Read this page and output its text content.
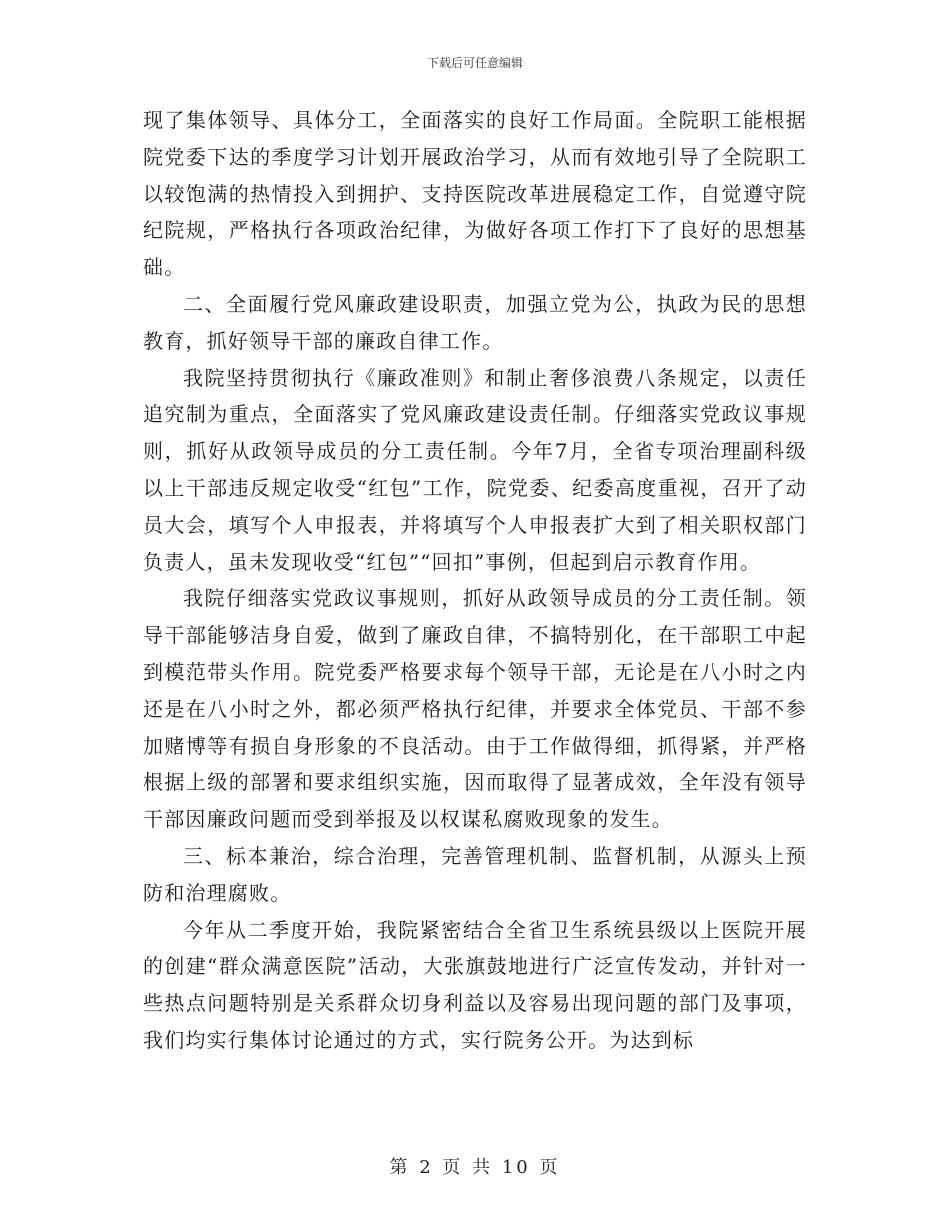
下载后可任意编辑

现了集体领导、具体分工，全面落实的良好工作局面。全院职工能根据院党委下达的季度学习计划开展政治学习，从而有效地引导了全院职工以较饱满的热情投入到拥护、支持医院改革进展稳定工作，自觉遵守院纪院规，严格执行各项政治纪律，为做好各项工作打下了良好的思想基础。

二、全面履行党风廉政建设职责，加强立党为公，执政为民的思想教育，抓好领导干部的廉政自律工作。

我院坚持贯彻执行《廉政准则》和制止奢侈浪费八条规定，以责任追究制为重点，全面落实了党风廉政建设责任制。仔细落实党政议事规则，抓好从政领导成员的分工责任制。今年7月，全省专项治理副科级以上干部违反规定收受“红包”工作，院党委、纪委高度重视，召开了动员大会，填写个人申报表，并将填写个人申报表扩大到了相关职权部门负责人，虽未发现收受“红包”“回扣”事例，但起到启示教育作用。

我院仔细落实党政议事规则，抓好从政领导成员的分工责任制。领导干部能够洁身自爱，做到了廉政自律，不搞特别化，在干部职工中起到模范带头作用。院党委严格要求每个领导干部，无论是在八小时之内还是在八小时之外，都必须严格执行纪律，并要求全体党员、干部不参加赌博等有损自身形象的不良活动。由于工作做得细，抓得紧，并严格根据上级的部署和要求组织实施，因而取得了显著成效，全年没有领导干部因廉政问题而受到举报及以权谋私腐败现象的发生。

三、标本兼治，综合治理，完善管理机制、监督机制，从源头上预防和治理腐败。

今年从二季度开始，我院紧密结合全省卫生系统县级以上医院开展的创建“群众满意医院”活动，大张旗鼓地进行广泛宣传发动，并针对一些热点问题特别是关系群众切身利益以及容易出现问题的部门及事项，我们均实行集体讨论通过的方式，实行院务公开。为达到标

第 2 页 共 10 页
